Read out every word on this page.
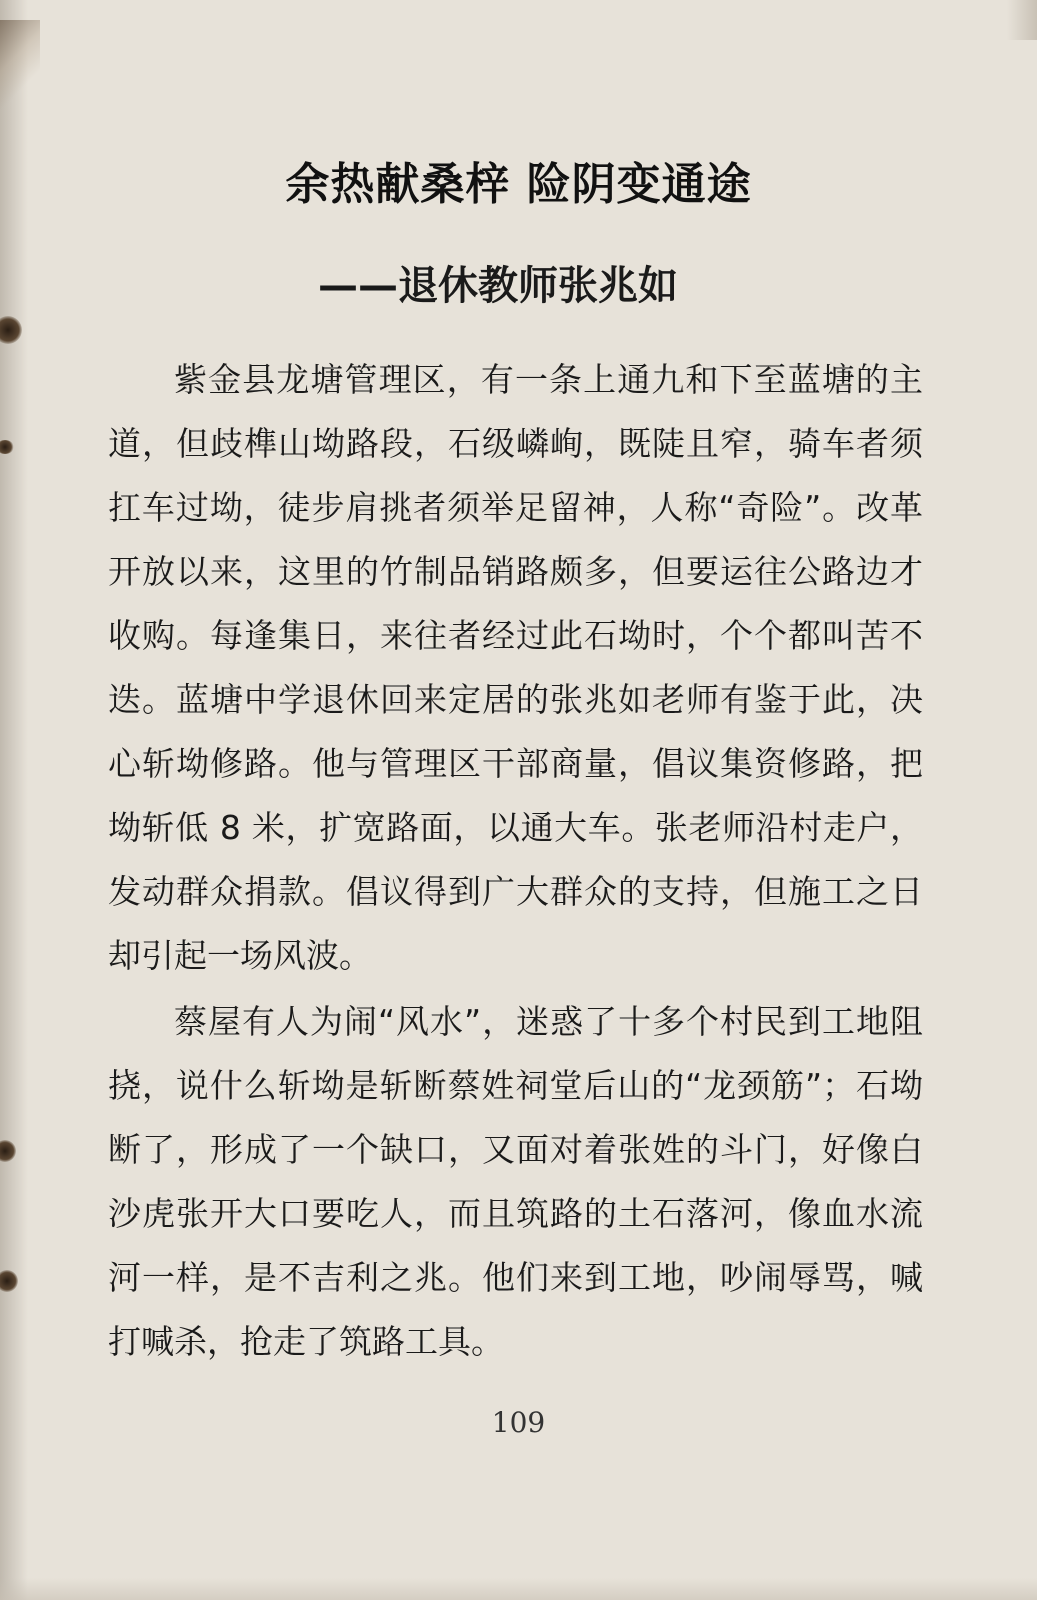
余热献桑梓 险阴变通途
——退休教师张兆如

紫金县龙塘管理区，有一条上通九和下至蓝塘的主道，但歧榫山坳路段，石级嶙峋，既陡且窄，骑车者须扛车过坳，徒步肩挑者须举足留神，人称“奇险”。改革开放以来，这里的竹制品销路颇多，但要运往公路边才收购。每逢集日，来往者经过此石坳时，个个都叫苦不迭。蓝塘中学退休回来定居的张兆如老师有鉴于此，决心斩坳修路。他与管理区干部商量，倡议集资修路，把坳斩低 8 米，扩宽路面，以通大车。张老师沿村走户，发动群众捐款。倡议得到广大群众的支持，但施工之日却引起一场风波。

蔡屋有人为闹“风水”，迷惑了十多个村民到工地阻挠，说什么斩坳是斩断蔡姓祠堂后山的“龙颈筋”；石坳断了，形成了一个缺口，又面对着张姓的斗门，好像白沙虎张开大口要吃人，而且筑路的土石落河，像血水流河一样，是不吉利之兆。他们来到工地，吵闹辱骂，喊打喊杀，抢走了筑路工具。

109
